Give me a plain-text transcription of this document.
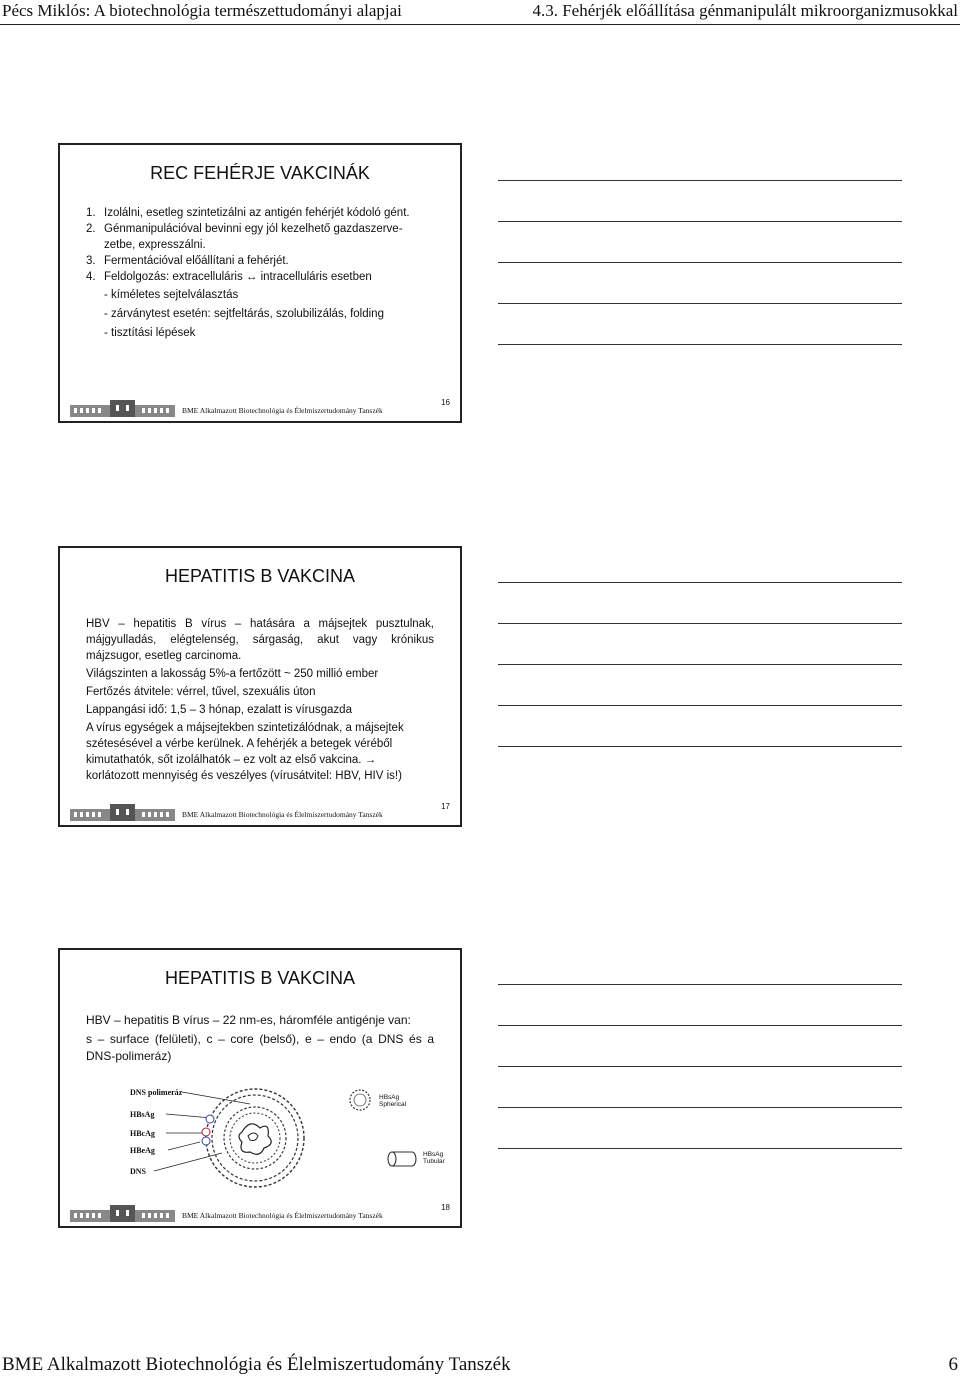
Pécs Miklós: A biotechnológia természettudományi alapjai	4.3. Fehérjék előállítása génmanipulált mikroorganizmusokkal
REC FEHÉRJE VAKCINÁK
1. Izolálni, esetleg szintetizálni az antigén fehérjét kódoló gént.
2. Génmanipulációval bevinni egy jól kezelhető gazdaszerve- zetbe, expresszálni.
3. Fermentációval előállítani a fehérjét.
4. Feldolgozás: extracelluláris ↔ intracelluláris esetben
- kíméletes sejtelválasztás
- zárványtest esetén: sejtfeltárás, szolubilizálás, folding
- tisztítási lépések
BME Alkalmazott Biotechnológia és Élelmiszertudomány Tanszék
16
HEPATITIS B VAKCINA

HBV – hepatitis B vírus – hatására a májsejtek pusztulnak, májgyulladás, elégtelenség, sárgaság, akut vagy krónikus májzsugor, esetleg carcinoma.

Világszinten a lakosság 5%-a fertőzött ~ 250 millió ember

Fertőzés átvitele: vérrel, tűvel, szexuális úton

Lappangási idő: 1,5 – 3 hónap, ezalatt is vírusgazda

A vírus egységek a májsejtekben szintetizálódnak, a májsejtek szétesésével a vérbe kerülnek. A fehérjék a betegek véréből kimutathatók, sőt izolálhatók – ez volt az első vakcina. →

korlátozott mennyiség és veszélyes (vírusátvitel: HBV, HIV is!)

BME Alkalmazott Biotechnológia és Élelmiszertudomány Tanszék
17
HEPATITIS B VAKCINA

HBV – hepatitis B vírus – 22 nm-es, háromféle antigénje van:

s – surface (felületi), c – core (belső), e – endo (a DNS és a DNS-polimeráz)

DNS polimeráz
HBsAg
HBcAg
HBeAg
DNS
HBsAg
Spherical
HBsAg
Tubular
BME Alkalmazott Biotechnológia és Élelmiszertudomány Tanszék
18
BME Alkalmazott Biotechnológia és Élelmiszertudomány Tanszék	6
